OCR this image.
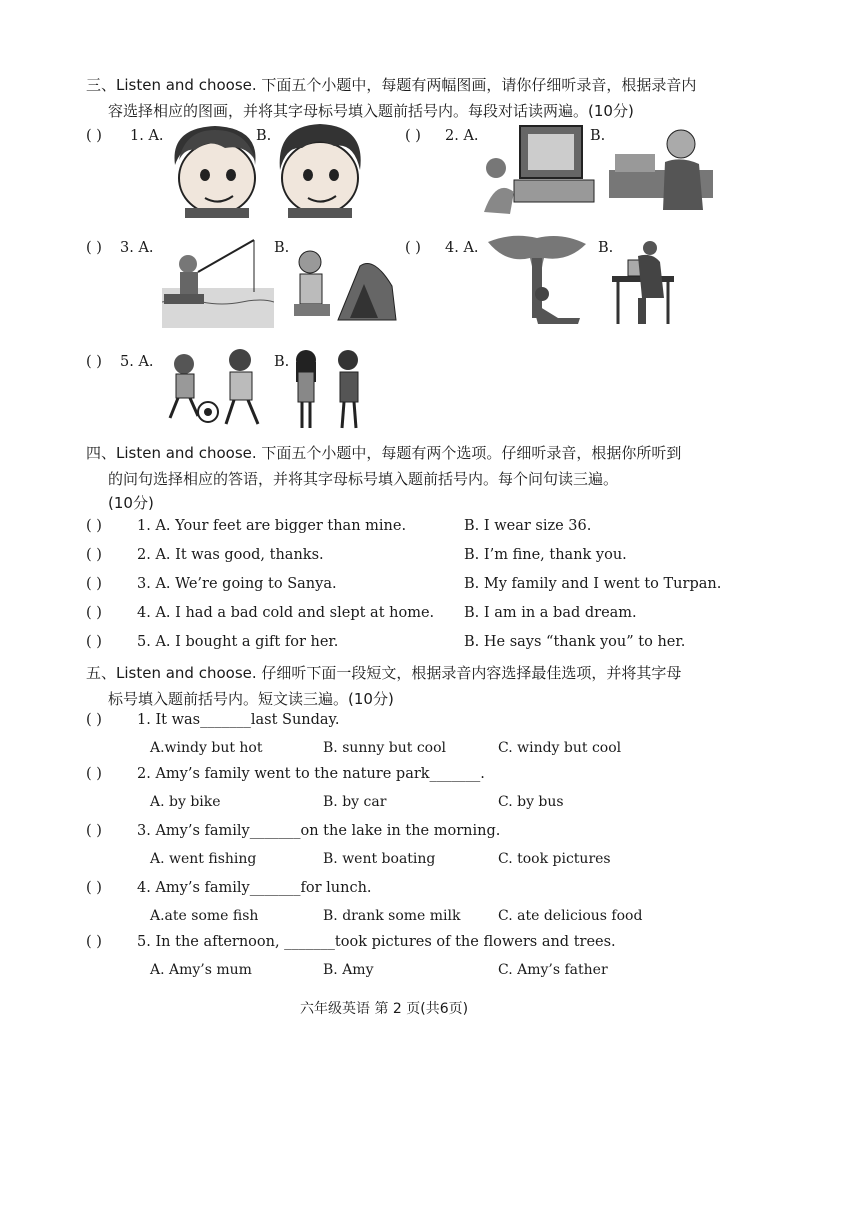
三、Listen and choose. 下面五个小题中，每题有两幅图画，请你仔细听录音，根据录音内
容选择相应的图画，并将其字母标号填入题前括号内。每段对话读两遍。(10分)
( ) 1. A.	B.	( ) 2. A.	B.
( ) 3. A.	B.	( ) 4. A.	B.
( ) 5. A.	B.
四、Listen and choose. 下面五个小题中，每题有两个选项。仔细听录音，根据你所听到
的问句选择相应的答语，并将其字母标号填入题前括号内。每个问句读三遍。
(10分)
( ) 1. A. Your feet are bigger than mine.	B. I wear size 36.
( ) 2. A. It was good, thanks.	B. I’m fine, thank you.
( ) 3. A. We’re going to Sanya.	B. My family and I went to Turpan.
( ) 4. A. I had a bad cold and slept at home. B. I am in a bad dream.
( ) 5. A. I bought a gift for her.	B. He says “thank you” to her.
五、Listen and choose. 仔细听下面一段短文，根据录音内容选择最佳选项，并将其字母
标号填入题前括号内。短文读三遍。(10分)
( ) 1. It was_______last Sunday.
A.windy but hot	B. sunny but cool	C. windy but cool
( ) 2. Amy’s family went to the nature park_______.
A. by bike	B. by car	C. by bus
( ) 3. Amy’s family_______on the lake in the morning.
A. went fishing	B. went boating	C. took pictures
( ) 4. Amy’s family_______for lunch.
A.ate some fish	B. drank some milk	C. ate delicious food
( ) 5. In the afternoon, _______took pictures of the flowers and trees.
A. Amy’s mum	B. Amy	C. Amy’s father
六年级英语 第 2 页(共6页)
